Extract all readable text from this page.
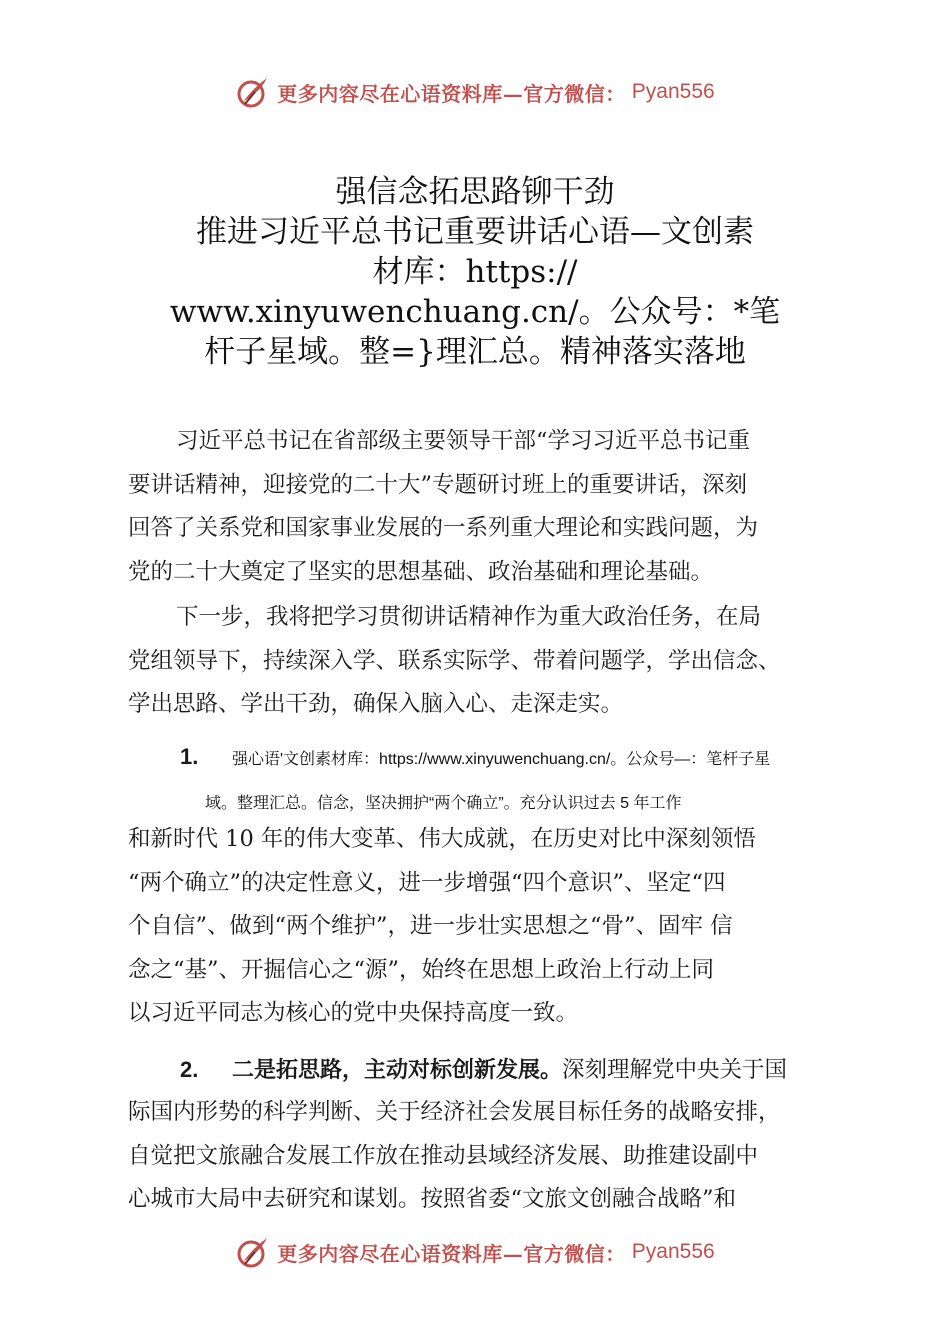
更多内容尽在心语资料库—官方微信： Pyan556
强信念拓思路铆干劲
推进习近平总书记重要讲话心语—文创素
材库：https://
www.xinyuwenchuang.cn/。公众号：*笔
杆子星域。整=}理汇总。精神落实落地

习近平总书记在省部级主要领导干部“学习习近平总书记重

要讲话精神，迎接党的二十大”专题研讨班上的重要讲话，深刻

回答了关系党和国家事业发展的一系列重大理论和实践问题，为

党的二十大奠定了坚实的思想基础、政治基础和理论基础。

下一步，我将把学习贯彻讲话精神作为重大政治任务，在局

党组领导下，持续深入学、联系实际学、带着问题学，学出信念、

学出思路、学出干劲，确保入脑入心、走深走实。

1. 强心语'文创素材库：https://www.xinyuwenchuang.cn/。公众号—：笔杆子星
域。整理汇总。信念，坚决拥护“两个确立”。充分认识过去 5 年工作

和新时代 10 年的伟大变革、伟大成就，在历史对比中深刻领悟

“两个确立”的决定性意义，进一步增强“四个意识”、坚定“四

个自信”、做到“两个维护”，进一步壮实思想之“骨”、固牢 信

念之“基”、开掘信心之“源”，始终在思想上政治上行动上同

以习近平同志为核心的党中央保持高度一致。

2. 二是拓思路，主动对标创新发展。深刻理解党中央关于国

际国内形势的科学判断、关于经济社会发展目标任务的战略安排，

自觉把文旅融合发展工作放在推动县域经济发展、助推建设副中

心城市大局中去研究和谋划。按照省委“文旅文创融合战略”和

更多内容尽在心语资料库—官方微信： Pyan556
